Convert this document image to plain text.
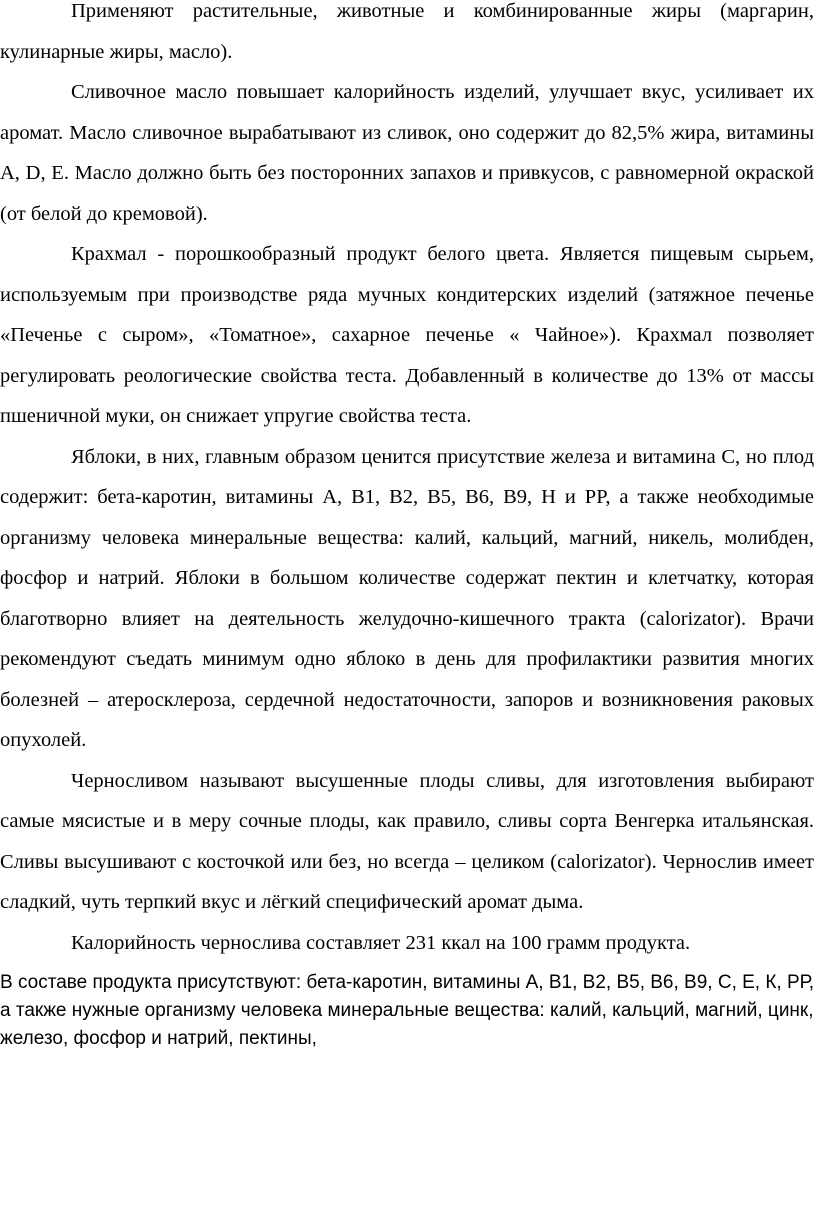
Применяют растительные, животные и комбинированные жиры (маргарин, кулинарные жиры, масло).

Сливочное масло повышает калорийность изделий, улучшает вкус, усиливает их аромат. Масло сливочное вырабатывают из сливок, оно содержит до 82,5% жира, витамины А, D, Е. Масло должно быть без посторонних запахов и привкусов, с равномерной окраской (от белой до кремовой).

Крахмал - порошкообразный продукт белого цвета. Является пищевым сырьем, используемым при производстве ряда мучных кондитерских изделий (затяжное печенье «Печенье с сыром», «Томатное», сахарное печенье « Чайное»). Крахмал позволяет регулировать реологические свойства теста. Добавленный в количестве до 13% от массы пшеничной муки, он снижает упругие свойства теста.

Яблоки, в них, главным образом ценится присутствие железа и витамина С, но плод содержит: бета-каротин, витамины A, B1, B2, B5, B6, B9, H и PP, а также необходимые организму человека минеральные вещества: калий, кальций, магний, никель, молибден, фосфор и натрий. Яблоки в большом количестве содержат пектин и клетчатку, которая благотворно влияет на деятельность желудочно-кишечного тракта (calorizator). Врачи рекомендуют съедать минимум одно яблоко в день для профилактики развития многих болезней – атеросклероза, сердечной недостаточности, запоров и возникновения раковых опухолей.

Черносливом называют высушенные плоды сливы, для изготовления выбирают самые мясистые и в меру сочные плоды, как правило, сливы сорта Венгерка итальянская. Сливы высушивают с косточкой или без, но всегда – целиком (calorizator). Чернослив имеет сладкий, чуть терпкий вкус и лёгкий специфический аромат дыма.

Калорийность чернослива составляет 231 ккал на 100 грамм продукта.

В составе продукта присутствуют: бета-каротин, витамины А, В1, В2, В5, В6, В9, С, Е, К, РР, а также нужные организму человека минеральные вещества: калий, кальций, магний, цинк, железо, фосфор и натрий, пектины,
